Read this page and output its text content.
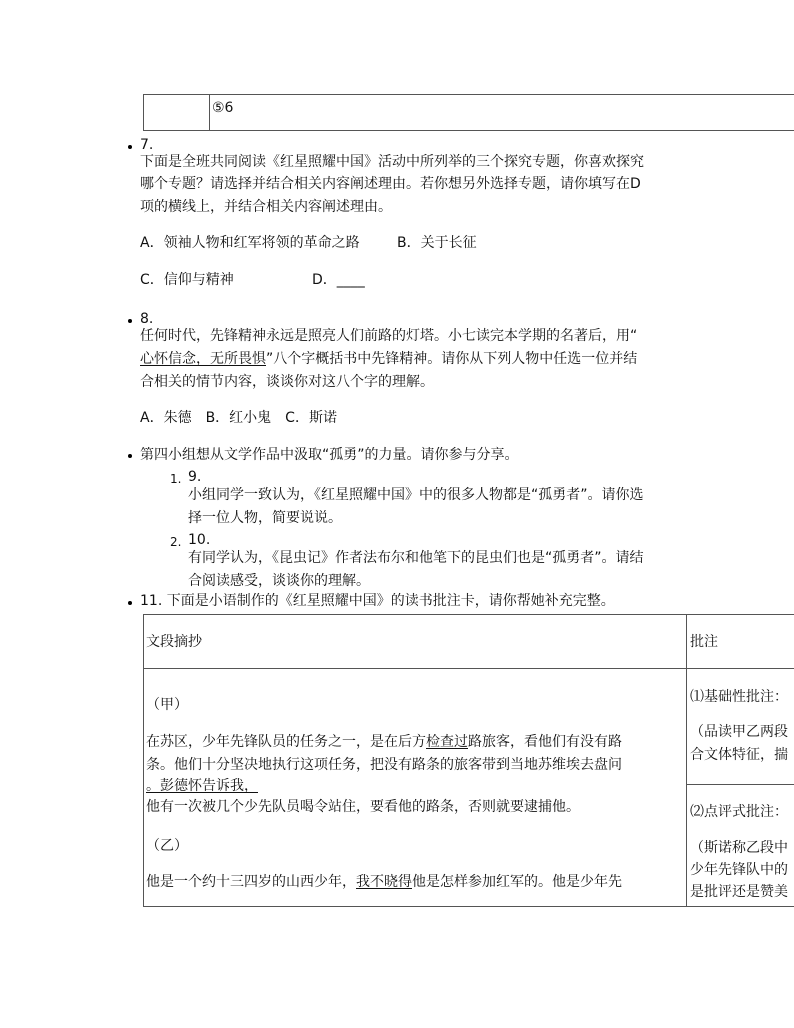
⑤6
7.
下面是全班共同阅读《红星照耀中国》活动中所列举的三个探究专题，你喜欢探究
哪个专题？请选择并结合相关内容阐述理由。若你想另外选择专题，请你填写在D
项的横线上，并结合相关内容阐述理由。
A．领袖人物和红军将领的革命之路	B．关于长征
C．信仰与精神	D．____
8.
任何时代，先锋精神永远是照亮人们前路的灯塔。小七读完本学期的名著后，用“
心怀信念，无所畏惧”八个字概括书中先锋精神。请你从下列人物中任选一位并结
合相关的情节内容，谈谈你对这八个字的理解。
A．朱德　B．红小鬼　C．斯诺
第四小组想从文学作品中汲取“孤勇”的力量。请你参与分享。
1. 9.
小组同学一致认为，《红星照耀中国》中的很多人物都是“孤勇者”。请你选
择一位人物，简要说说。
2. 10.
有同学认为，《昆虫记》作者法布尔和他笔下的昆虫们也是“孤勇者”。请结
合阅读感受，谈谈你的理解。
11. 下面是小语制作的《红星照耀中国》的读书批注卡，请你帮她补充完整。
文段摘抄	批注
（甲）
在苏区，少年先锋队员的任务之一，是在后方检查过路旅客，看他们有没有路
条。他们十分坚决地执行这项任务，把没有路条的旅客带到当地苏维埃去盘问
。彭德怀告诉我，
他有一次被几个少先队员喝令站住，要看他的路条，否则就要逮捕他。
（乙）
他是一个约十三四岁的山西少年，我不晓得他是怎样参加红军的。他是少年先
⑴基础性批注：
（品读甲乙两段
合文体特征，揣
⑵点评式批注：
（斯诺称乙段中
少年先锋队中的
是批评还是赞美
